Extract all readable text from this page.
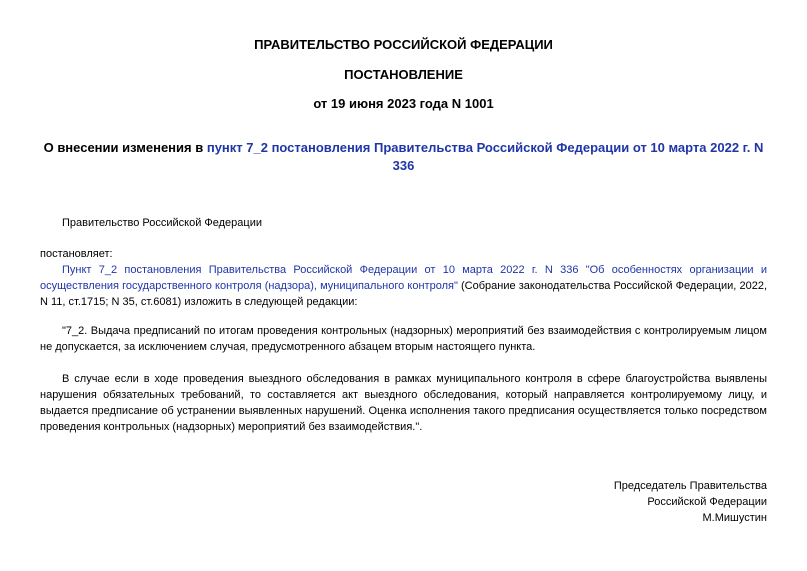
ПРАВИТЕЛЬСТВО РОССИЙСКОЙ ФЕДЕРАЦИИ
ПОСТАНОВЛЕНИЕ
от 19 июня 2023 года N 1001
О внесении изменения в пункт 7_2 постановления Правительства Российской Федерации от 10 марта 2022 г. N 336
Правительство Российской Федерации
постановляет:
Пункт 7_2 постановления Правительства Российской Федерации от 10 марта 2022 г. N 336 "Об особенностях организации и осуществления государственного контроля (надзора), муниципального контроля" (Собрание законодательства Российской Федерации, 2022, N 11, ст.1715; N 35, ст.6081) изложить в следующей редакции:
"7_2. Выдача предписаний по итогам проведения контрольных (надзорных) мероприятий без взаимодействия с контролируемым лицом не допускается, за исключением случая, предусмотренного абзацем вторым настоящего пункта.
В случае если в ходе проведения выездного обследования в рамках муниципального контроля в сфере благоустройства выявлены нарушения обязательных требований, то составляется акт выездного обследования, который направляется контролируемому лицу, и выдается предписание об устранении выявленных нарушений. Оценка исполнения такого предписания осуществляется только посредством проведения контрольных (надзорных) мероприятий без взаимодействия.".
Председатель Правительства
Российской Федерации
М.Мишустин
